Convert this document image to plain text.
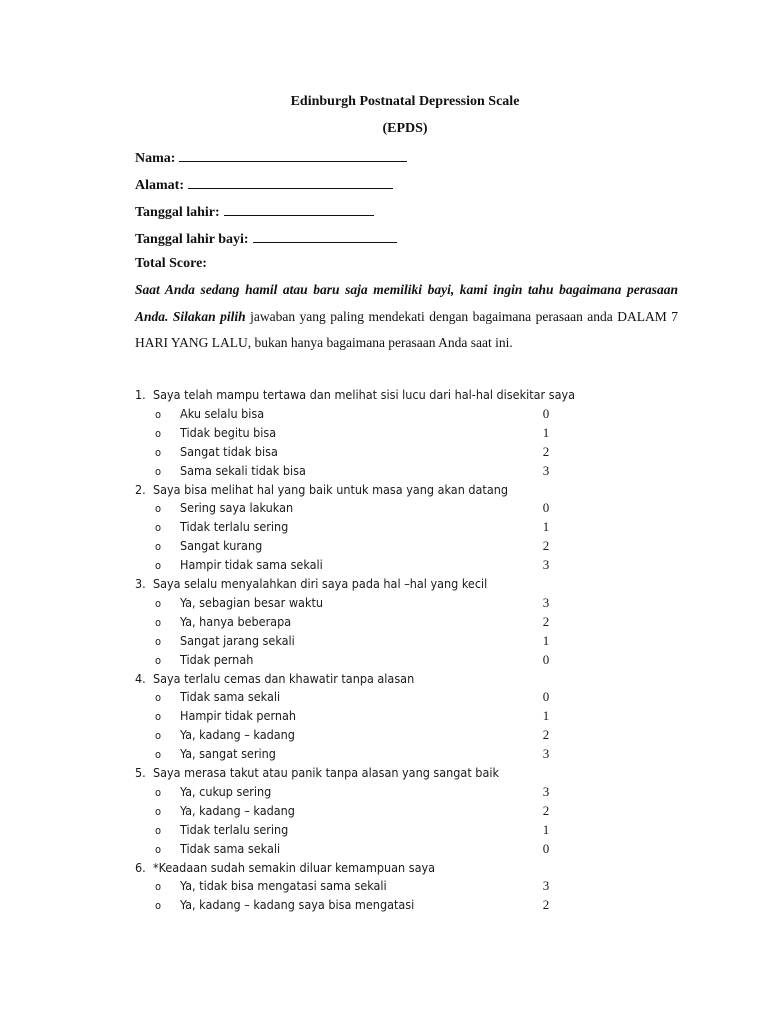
Edinburgh Postnatal Depression Scale
(EPDS)
Nama:
Alamat:
Tanggal lahir:
Tanggal lahir bayi:
Total Score:
Saat Anda sedang hamil atau baru saja memiliki bayi, kami ingin tahu bagaimana perasaan Anda. Silakan pilih jawaban yang paling mendekati dengan bagaimana perasaan anda DALAM 7 HARI YANG LALU, bukan hanya bagaimana perasaan Anda saat ini.
1. Saya telah mampu tertawa dan melihat sisi lucu dari hal-hal disekitar saya
o Aku selalu bisa	0
o Tidak begitu bisa	1
o Sangat tidak bisa	2
o Sama sekali tidak bisa	3
2. Saya bisa melihat hal yang baik untuk masa yang akan datang
o Sering saya lakukan	0
o Tidak terlalu sering	1
o Sangat kurang	2
o Hampir tidak sama sekali	3
3. Saya selalu menyalahkan diri saya pada hal –hal yang kecil
o Ya, sebagian besar waktu	3
o Ya, hanya beberapa	2
o Sangat jarang sekali	1
o Tidak pernah	0
4. Saya terlalu cemas dan khawatir tanpa alasan
o Tidak sama sekali	0
o Hampir tidak pernah	1
o Ya, kadang – kadang	2
o Ya, sangat sering	3
5. Saya merasa takut atau panik tanpa alasan yang sangat baik
o Ya, cukup sering	3
o Ya, kadang – kadang	2
o Tidak terlalu sering	1
o Tidak sama sekali	0
6. *Keadaan sudah semakin diluar kemampuan saya
o Ya, tidak bisa mengatasi sama sekali	3
o Ya, kadang – kadang saya bisa mengatasi	2
